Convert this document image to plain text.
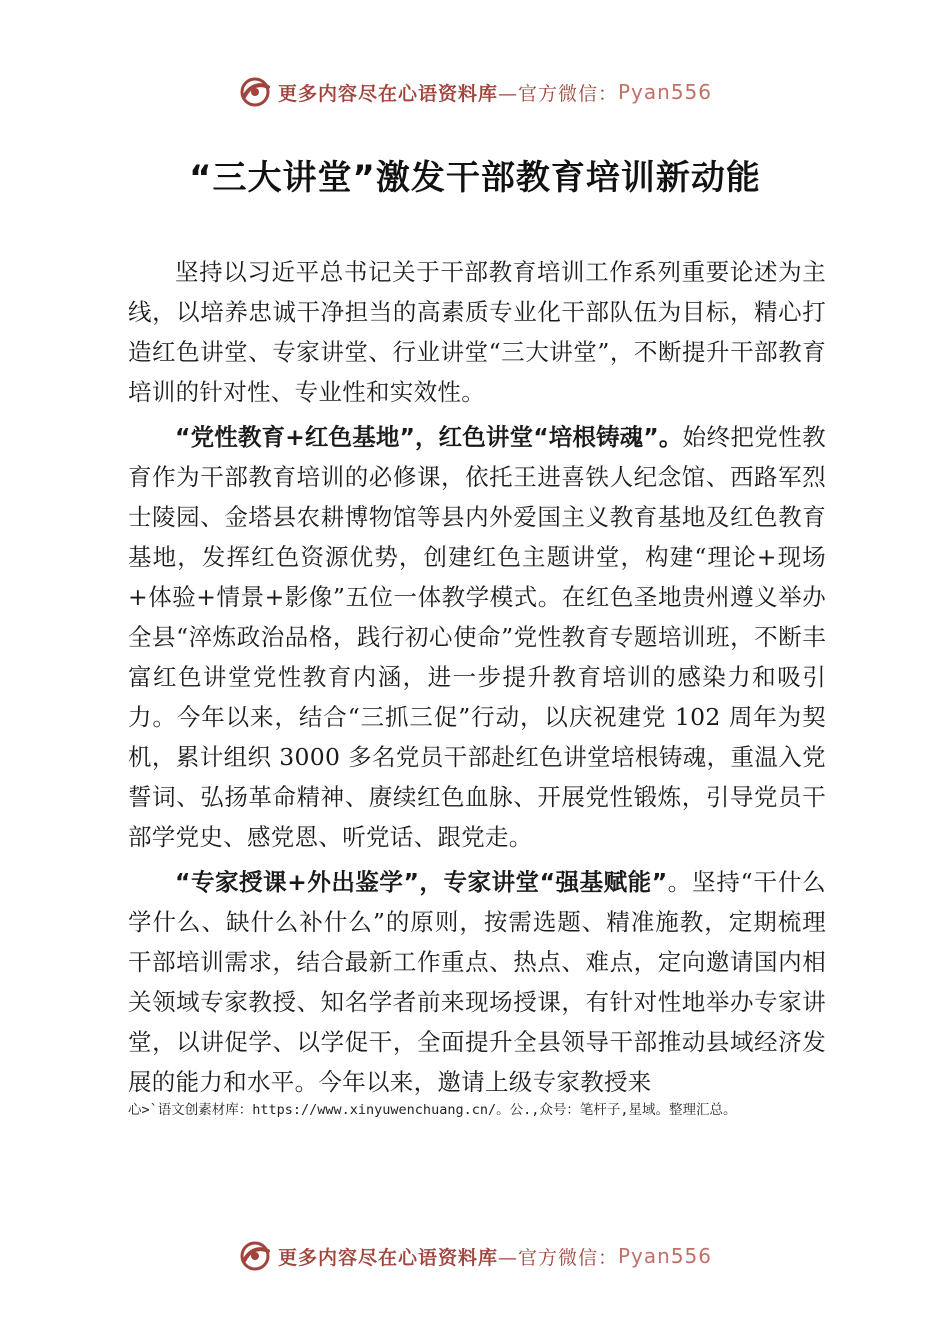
更多内容尽在心语资料库 —官方微信： Pyan556
“三大讲堂”激发干部教育培训新动能

坚持以习近平总书记关于干部教育培训工作系列重要论述为主线，以培养忠诚干净担当的高素质专业化干部队伍为目标，精心打造红色讲堂、专家讲堂、行业讲堂“三大讲堂”，不断提升干部教育培训的针对性、专业性和实效性。

“党性教育+红色基地”，红色讲堂“培根铸魂”。始终把党性教育作为干部教育培训的必修课，依托王进喜铁人纪念馆、西路军烈士陵园、金塔县农耕博物馆等县内外爱国主义教育基地及红色教育基地，发挥红色资源优势，创建红色主题讲堂，构建“理论+现场+体验+情景+影像”五位一体教学模式。在红色圣地贵州遵义举办全县“淬炼政治品格，践行初心使命”党性教育专题培训班，不断丰富红色讲堂党性教育内涵，进一步提升教育培训的感染力和吸引力。今年以来，结合“三抓三促”行动，以庆祝建党 102 周年为契机，累计组织 3000 多名党员干部赴红色讲堂培根铸魂，重温入党誓词、弘扬革命精神、赓续红色血脉、开展党性锻炼，引导党员干部学党史、感党恩、听党话、跟党走。

“专家授课+外出鉴学”，专家讲堂“强基赋能”。坚持“干什么学什么、缺什么补什么”的原则，按需选题、精准施教，定期梳理干部培训需求，结合最新工作重点、热点、难点，定向邀请国内相关领域专家教授、知名学者前来现场授课，有针对性地举办专家讲堂，以讲促学、以学促干，全面提升全县领导干部推动县域经济发展的能力和水平。今年以来，邀请上级专家教授来

心>`语文创素材库：https://www.xinyuwenchuang.cn/。公.,众号：笔杆子,星域。整理汇总。
更多内容尽在心语资料库 —官方微信： Pyan556
